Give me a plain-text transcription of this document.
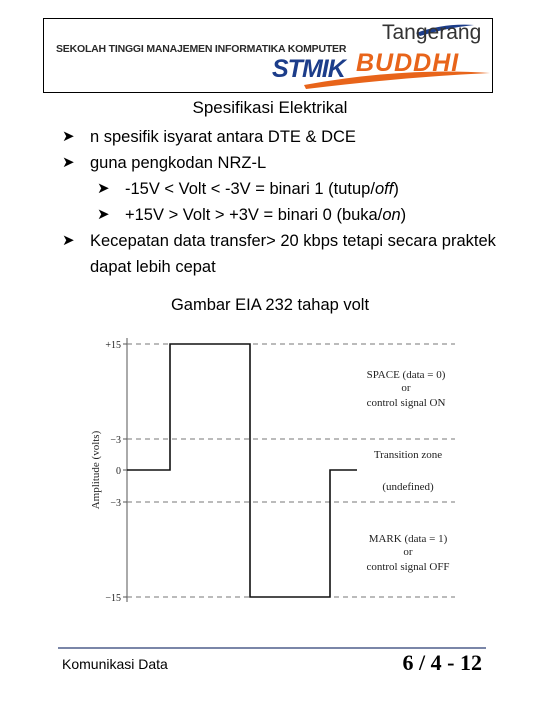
SEKOLAH TINGGI MANAJEMEN INFORMATIKA KOMPUTER
Tangerang
STMIK BUDDHI
Spesifikasi Elektrikal
➤ n spesifik isyarat antara DTE & DCE
➤ guna pengkodan NRZ-L
➤ -15V < Volt < -3V = binari 1 (tutup/off)
➤ +15V > Volt > +3V = binari 0 (buka/on)
➤ Kecepatan data transfer> 20 kbps tetapi secara praktek dapat lebih cepat
Gambar EIA 232 tahap volt
Amplitude (volts)
+15
−3
0
−3
−15
SPACE (data = 0)
or
control signal ON
Transition zone
(undefined)
MARK (data = 1)
or
control signal OFF
Komunikasi Data	6 / 4 - 12
